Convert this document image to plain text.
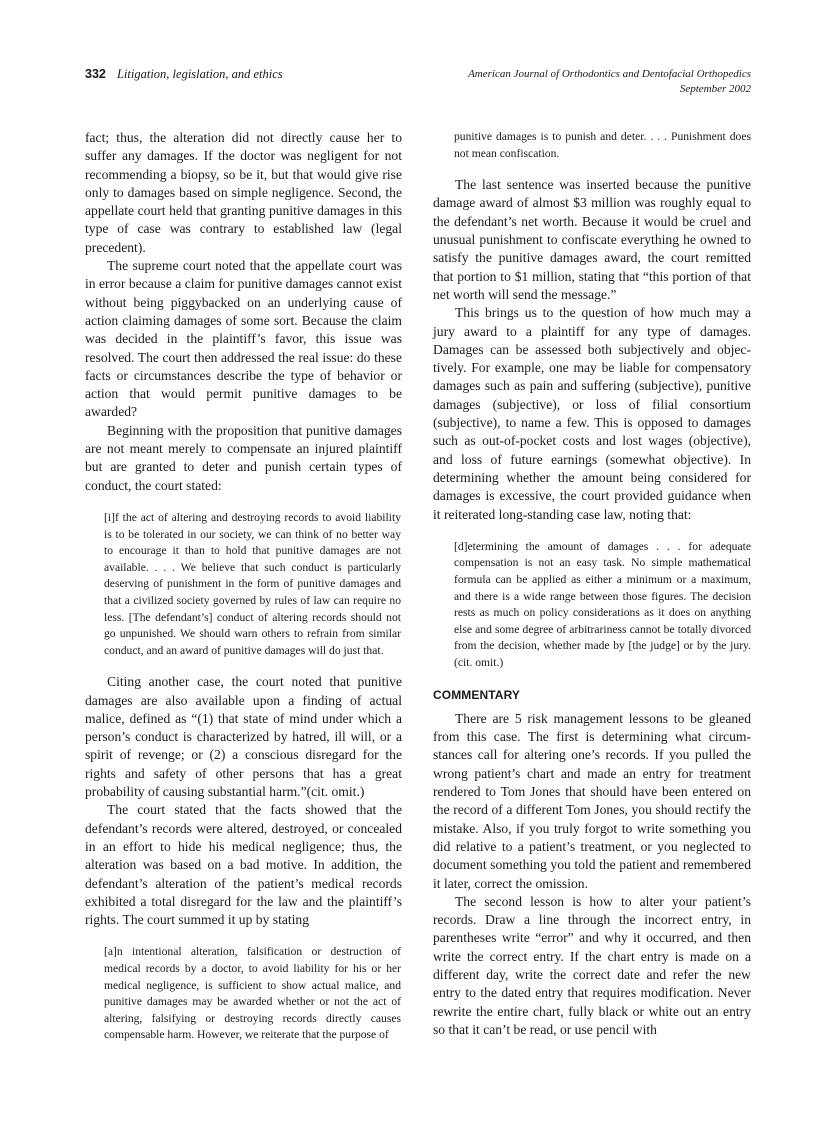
332 Litigation, legislation, and ethics	American Journal of Orthodontics and Dentofacial Orthopedics
September 2002

fact; thus, the alteration did not directly cause her to suffer any damages. If the doctor was negligent for not recommending a biopsy, so be it, but that would give rise only to damages based on simple negligence. Second, the appellate court held that granting punitive damages in this type of case was contrary to established law (legal precedent).

The supreme court noted that the appellate court was in error because a claim for punitive damages cannot exist without being piggybacked on an underlying cause of action claiming damages of some sort. Because the claim was decided in the plaintiff’s favor, this issue was resolved. The court then addressed the real issue: do these facts or circumstances describe the type of behavior or action that would permit punitive damages to be awarded?

Beginning with the proposition that punitive damages are not meant merely to compensate an injured plaintiff but are granted to deter and punish certain types of conduct, the court stated:

[i]f the act of altering and destroying records to avoid liability is to be tolerated in our society, we can think of no better way to encourage it than to hold that punitive damages are not available. . . . We believe that such conduct is particularly deserving of punishment in the form of punitive damages and that a civilized society governed by rules of law can require no less. [The defendant’s] conduct of altering records should not go unpunished. We should warn others to refrain from similar conduct, and an award of punitive damages will do just that.

Citing another case, the court noted that punitive damages are also available upon a finding of actual malice, defined as “(1) that state of mind under which a person’s conduct is characterized by hatred, ill will, or a spirit of revenge; or (2) a conscious disregard for the rights and safety of other persons that has a great probability of causing substantial harm.”(cit. omit.)

The court stated that the facts showed that the defendant’s records were altered, destroyed, or concealed in an effort to hide his medical negligence; thus, the alteration was based on a bad motive. In addition, the defendant’s alteration of the patient’s medical records exhibited a total disregard for the law and the plaintiff’s rights. The court summed it up by stating

[a]n intentional alteration, falsification or destruction of medical records by a doctor, to avoid liability for his or her medical negligence, is sufficient to show actual malice, and punitive damages may be awarded whether or not the act of altering, falsifying or destroying records directly causes compensable harm. However, we reiterate that the purpose of
punitive damages is to punish and deter. . . . Punishment does not mean confiscation.

The last sentence was inserted because the punitive damage award of almost $3 million was roughly equal to the defendant’s net worth. Because it would be cruel and unusual punishment to confiscate everything he owned to satisfy the punitive damages award, the court remitted that portion to $1 million, stating that “this portion of that net worth will send the message.”

This brings us to the question of how much may a jury award to a plaintiff for any type of damages. Damages can be assessed both subjectively and objectively. For example, one may be liable for compensatory damages such as pain and suffering (subjective), punitive damages (subjective), or loss of filial consortium (subjective), to name a few. This is opposed to damages such as out-of-pocket costs and lost wages (objective), and loss of future earnings (somewhat objective). In determining whether the amount being considered for damages is excessive, the court provided guidance when it reiterated long-standing case law, noting that:

[d]etermining the amount of damages . . . for adequate compensation is not an easy task. No simple mathematical formula can be applied as either a minimum or a maximum, and there is a wide range between those figures. The decision rests as much on policy considerations as it does on anything else and some degree of arbitrariness cannot be totally divorced from the decision, whether made by [the judge] or by the jury. (cit. omit.)
COMMENTARY

There are 5 risk management lessons to be gleaned from this case. The first is determining what circumstances call for altering one’s records. If you pulled the wrong patient’s chart and made an entry for treatment rendered to Tom Jones that should have been entered on the record of a different Tom Jones, you should rectify the mistake. Also, if you truly forgot to write something you did relative to a patient’s treatment, or you neglected to document something you told the patient and remembered it later, correct the omission.

The second lesson is how to alter your patient’s records. Draw a line through the incorrect entry, in parentheses write “error” and why it occurred, and then write the correct entry. If the chart entry is made on a different day, write the correct date and refer the new entry to the dated entry that requires modification. Never rewrite the entire chart, fully black or white out an entry so that it can’t be read, or use pencil with
